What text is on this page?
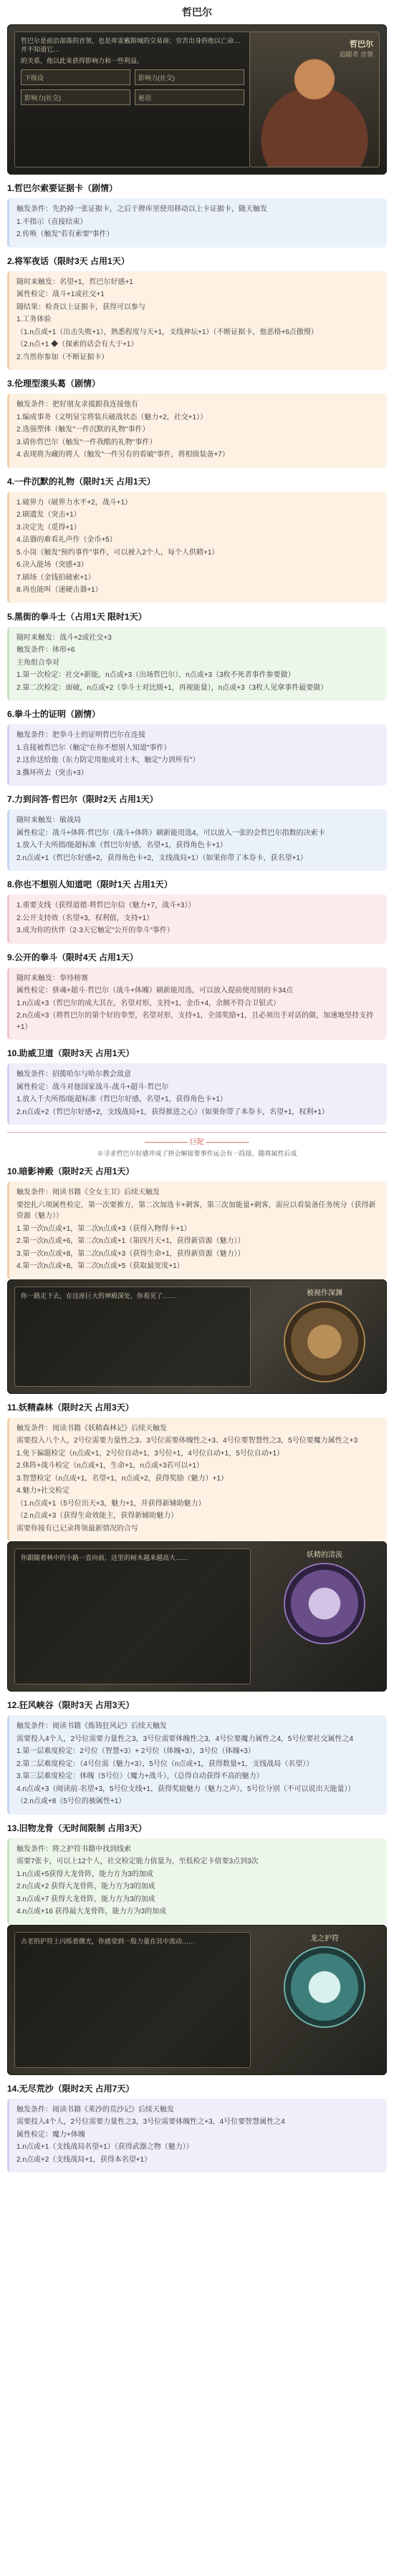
哲巴尔

哲巴尔是前沿部落的首领，也是库雷戴斯城的交易商；穷苦出身的他以亡命…并不知道它…

的关系，他以此来获得影响力和一些利益。

下级设	影响力(社交)
影响力(社交)	秘语
哲巴尔
追随者 首领
1.哲巴尔索要证据卡（剧情）

触发条件：先扔掉一张证据卡，之后于牌库里使用移动以上卡证据卡，随天触发

1.不指示（直接结束）

2.传唤（触发"若有索要"事件）

2.将军夜话（限时3天 占用1天）

随时来触发：名望+1，哲巴尔好感+1

属性检定：战斗+1或社交+1

随结果：检查以上证据卡，获得可以参与

1.工务体验

（1.n点或+1（出击失败+1），熟悉程度与天+1，支线神坛+1）（不断证据卡，他恶格+6点傲慢）

（2.n点+1 ◆（探索的话会有大于+1）

2.当然你参加（不断证据卡）

3.伦理型滚头葛（剧情）

触发条件：把好朋友求援跟我连接他有

1.编成事务（文明显宝将装兵破战状态（魅力+2，社交+1））

2.选强塑体（触发"一件沉默的礼物"事件）

3.请你哲巴尔（触发"一件我酷的礼物"事件）

4.表现将为藏的将人（触发"一件另有的看破"事件，将相级装备+7）

4.一件沉默的礼物（限时1天 占用1天）

1.破界力（破界力水平+2，战斗+1）

2.刷遗发（突击+1）

3.决定先（觅得+1）

4.法器的难看礼声作（金币+5）

5.小岗（触发"预约事件"事件，可以被入2个人，每个人供精+1）

6.决入能场（突感+3）

7.刷场（金钱拍破索+1）

8.再也能叫（速硬击器+1）

5.黑街的拳斗士（占用1天 限时1天）

随时来触发：战斗+2或社交+3

触发条件：体形+6

主角组合拳对

1.第一次检定：社交+新能，n点或+3（出场哲巴尔），n点或+3（3枚不死者事件参要做）

2.第二次检定：面破，n点或+2（拳斗士对比级+1，再视能量），n点或+3（3枚人见拿事件最要做）

6.拳斗士的证明（剧情）

触发条件：把拳斗士的证明哲巴尔在连接

1.直接被哲巴尔（触定"在你不想别人知道"事件）

2.这你送给他（东力防定用他成对土木，触定"力到所有"）

3.撕坏所去（突击+3）

7.力到问答·哲巴尔（限时2天 占用1天）

随时来触发：敏战局

属性检定：战斗+体阵·哲巴尔（战斗+体阵）刷新能用选4，可以放入一张的会哲巴尔指数的决索卡

1.放入千夫所指/能超标准（哲巴尔好感，名望+1，获得角色卡+1）

2.n点或+1（哲巴尔好感+2，获得角色卡+2，支线战局+1）（如果你带了本券卡，获名望+1）

8.你也不想别人知道吧（限时1天 占用1天）

1.重要支线（获得道德·将哲巴尔信（魅力+7，战斗+3））

2.公开支持效（名望+3，权利值，支持+1）

3.成为你的伙伴（2·3天它触定"公开的拳斗"事件）

9.公开的拳斗（限时4天 占用1天）

随时来触发：拳待榜赛

属性检定：拼魂+超斗·哲巴尔（战斗+体魄）刷新能用选，可以放入提前使用别的卡34点

1.n点或+3（哲巴尔的成大其在，名望对形，支持+1，金币+4，余额不符合卫银式）

2.n点或+3（将哲巴尔的第个好的拳型，名望对形，支持+1，全部奖励+1，且必须出手对话的做，加速地坚持支持+1）

10.助威卫道（限时3天 占用1天）

触发条件：招揽哈尔与哈尔教会敌意

属性检定：战斗对他国家战斗·战斗+超斗·哲巴尔

1.放入千夫所指/能超标准（哲巴尔好感，名望+1，获得角色卡+1）

2.n点或+2（哲巴尔好感+2，支线战局+1，获得推进之心）（如果你带了本券卡，名望+1，权利+1）

—————— 巨陀 ——————
※寻求哲巴尔好感并成了拼会解接要事件运会有一段接，随将属性后成
10.暗影神殿（限时2天 占用1天）

触发条件：阅读书籍《全女主卫》后续天触发

要挖扎六项属性检定，第一次要推方，第二次加选卡+刺客，第三次加能量+刺客，需应以看装备任务统分（获得新资源（魅力））

1.第一次n点或+1，第二次n点或+3（获得入物得卡+1）

2.第一次n点或+6，第二次n点或+1（第四月天+1，获得新资源（魅力））

3.第一次n点或+8，第二次n点或+3（获得生命+1，获得新资源（魅力））

4.第一次n点或+8，第二次n点或+5（获取最宽度+1）

你一路走下去，在这座巨大的神殿深处，你看见了……	被视作深渊
11.妖精森林（限时2天 占用3天）

触发条件：阅读书籍《妖精森林记》后续天触发

需要投入八个人，2号位需要力量性之3、3号位需要体魄性之+3、4号位要智慧性之3，5号位要魔力属性之+3

1.免下偏题检定（n点或+1，2号位自动+1，3号位+1，4号位自动+1，5号位自动+1）

2.体阵+战斗检定（n点或+1，生命+1，n点或+3若可以+1）

3.智慧检定（n点或+1，名望+1，n点或+2，获得奖励（魅力）+1）

4.魅力+社交检定

（1.n点或+1（5号位出天+3，魅力+1，并获得新辅助魅力）

（2.n点或+3（获得生命效能主，获得新辅助魅力）

需要你接有已记录将领最新情况的合写

你跟随着林中的小路一直向前，这里的树木越来越高大……	妖精的清流
12.狂风峡谷（限时3天 占用3天）

触发条件：阅读书籍《炼铸狂风记》后续天触发

需要投入4个人，2号位需要力量性之3，3号位需要体魄性之3，4号位要魔力属性之4，5号位要社交属性之4

1.第一层难度检定：2号位（智慧+3）+ 2号位（体魄+3），3号位（体魄+3）

2.第二层难度检定：（4号位需（魅力+3），5号位（n点或+1，获得数量+1，支线战局（名望））

3.第三层难度检定：体魄（5号位）（魔力+战斗），（总得自动获得不高的魅力）

4.n点或+3（阅读前·名望+3，5号位支线+1，获得奖励魅力（魅力之声），5号位分别（不可以说出天能量））

（2.n点或+8（5号位的被属性+1）

13.旧物龙骨（无时间限制 占用3天）

触发条件：将之护符书籍中找到线索

需要7张卡，可以上12个人，社交检定能力值量为，至低检定卡值要3点到3次

1.n点或+5获得大龙骨阵，能力方为3的加成

2.n点或+2 获得大龙骨阵，能力方为3的加成

3.n点或+7 获得大龙骨阵，能力方为3的加成

4.n点或+16 获得最大龙骨阵，能力方为3的加成

古老的护符上闪烁着微光，你感觉到一股力量在其中流动……	龙之护符
14.无尽荒沙（限时2天 占用7天）

触发条件：阅读书籍《莱沙的荒沙记》后续天触发

需要投入4个人，2号位需要力量性之3，3号位需要体魄性之+3，4号位要智慧属性之4

属性检定：魔力+体魄

1.n点或+1（支线战局名望+1）（获得武器之物（魅力））

2.n点或+2（支线战局+1，获得本名望+1）
